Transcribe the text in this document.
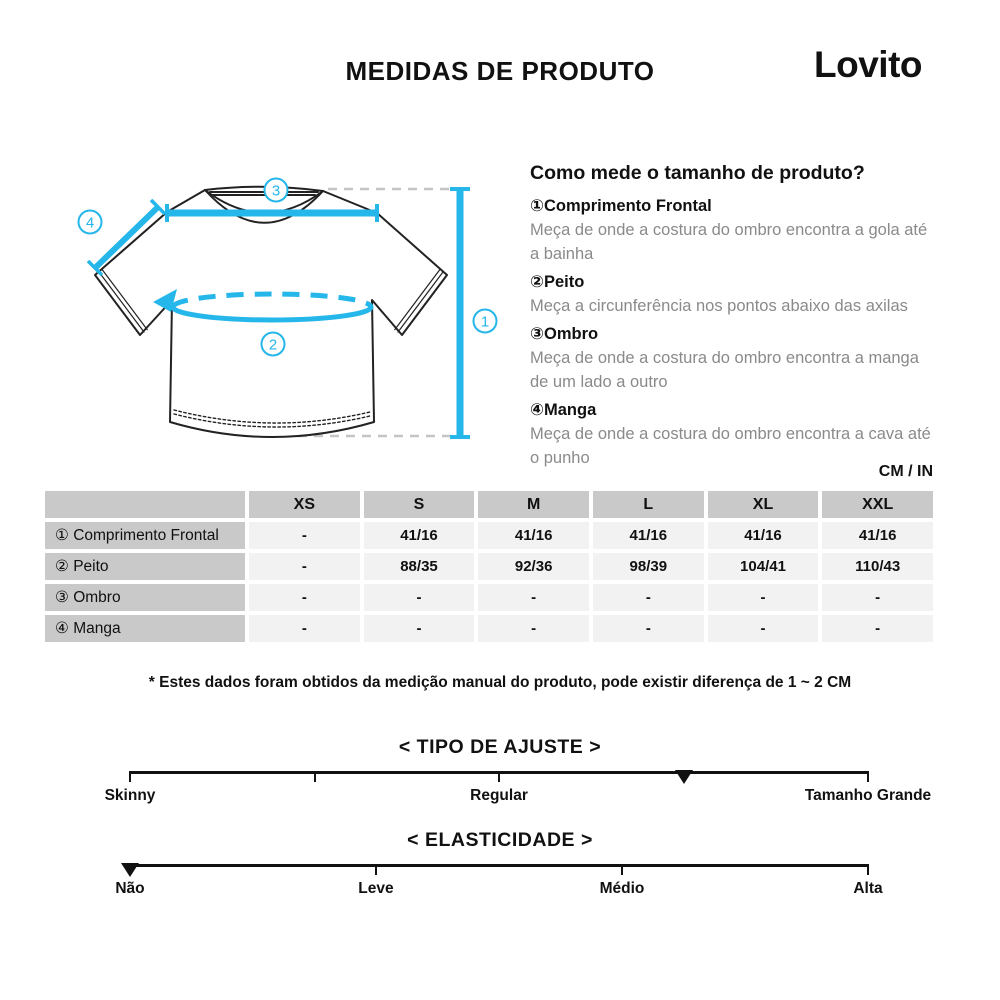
MEDIDAS DE PRODUTO	Lovito
3
4
2
1
Como mede o tamanho de produto?
①Comprimento Frontal
Meça de onde a costura do ombro encontra a gola até a bainha
②Peito
Meça a circunferência nos pontos abaixo das axilas
③Ombro
Meça de onde a costura do ombro encontra a manga de um lado a outro
④Manga
Meça de onde a costura do ombro encontra a cava até o punho
CM / IN
XS	S	M	L	XL	XXL
① Comprimento Frontal	-	41/16	41/16	41/16	41/16	41/16
② Peito	-	88/35	92/36	98/39	104/41	110/43
③ Ombro	-	-	-	-	-	-
④ Manga	-	-	-	-	-	-
* Estes dados foram obtidos da medição manual do produto, pode existir diferença de 1 ~ 2 CM
< TIPO DE AJUSTE >
Skinny	Regular	Tamanho Grande
< ELASTICIDADE >
Não	Leve	Médio	Alta
